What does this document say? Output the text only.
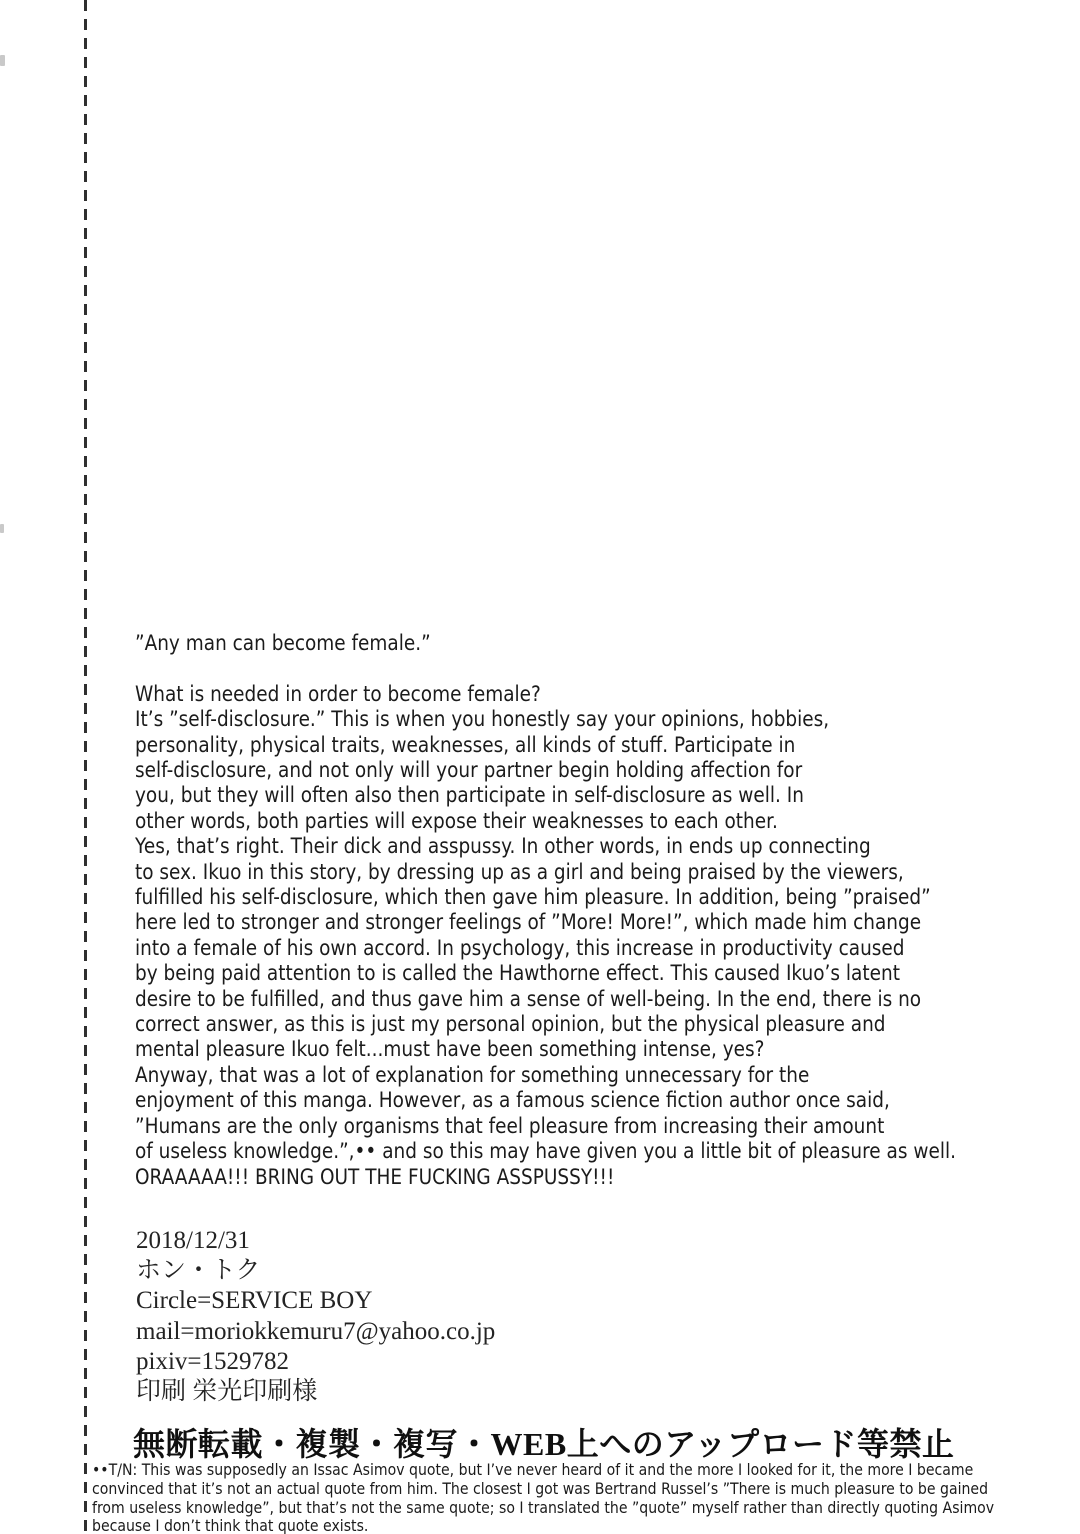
”Any man can become female.”
What is needed in order to become female?
It’s ”self-disclosure.” This is when you honestly say your opinions, hobbies,
personality, physical traits, weaknesses, all kinds of stuff. Participate in
self-disclosure, and not only will your partner begin holding affection for
you, but they will often also then participate in self-disclosure as well. In
other words, both parties will expose their weaknesses to each other.
Yes, that’s right. Their dick and asspussy. In other words, in ends up connecting
to sex. Ikuo in this story, by dressing up as a girl and being praised by the viewers,
fulfilled his self-disclosure, which then gave him pleasure. In addition, being ”praised”
here led to stronger and stronger feelings of ”More! More!”, which made him change
into a female of his own accord. In psychology, this increase in productivity caused
by being paid attention to is called the Hawthorne effect. This caused Ikuo’s latent
desire to be fulfilled, and thus gave him a sense of well-being. In the end, there is no
correct answer, as this is just my personal opinion, but the physical pleasure and
mental pleasure Ikuo felt...must have been something intense, yes?
Anyway, that was a lot of explanation for something unnecessary for the
enjoyment of this manga. However, as a famous science fiction author once said,
”Humans are the only organisms that feel pleasure from increasing their amount
of useless knowledge.”,•• and so this may have given you a little bit of pleasure as well.
ORAAAAA!!! BRING OUT THE FUCKING ASSPUSSY!!!
2018/12/31
ホン・トク
Circle=SERVICE BOY
mail=moriokkemuru7@yahoo.co.jp
pixiv=1529782
印刷 栄光印刷様
無断転載・複製・複写・WEB上へのアップロード等禁止
••T/N: This was supposedly an Issac Asimov quote, but I’ve never heard of it and the more I looked for it, the more I became
convinced that it’s not an actual quote from him. The closest I got was Bertrand Russel’s ”There is much pleasure to be gained
from useless knowledge”, but that’s not the same quote; so I translated the ”quote” myself rather than directly quoting Asimov
because I don’t think that quote exists.
